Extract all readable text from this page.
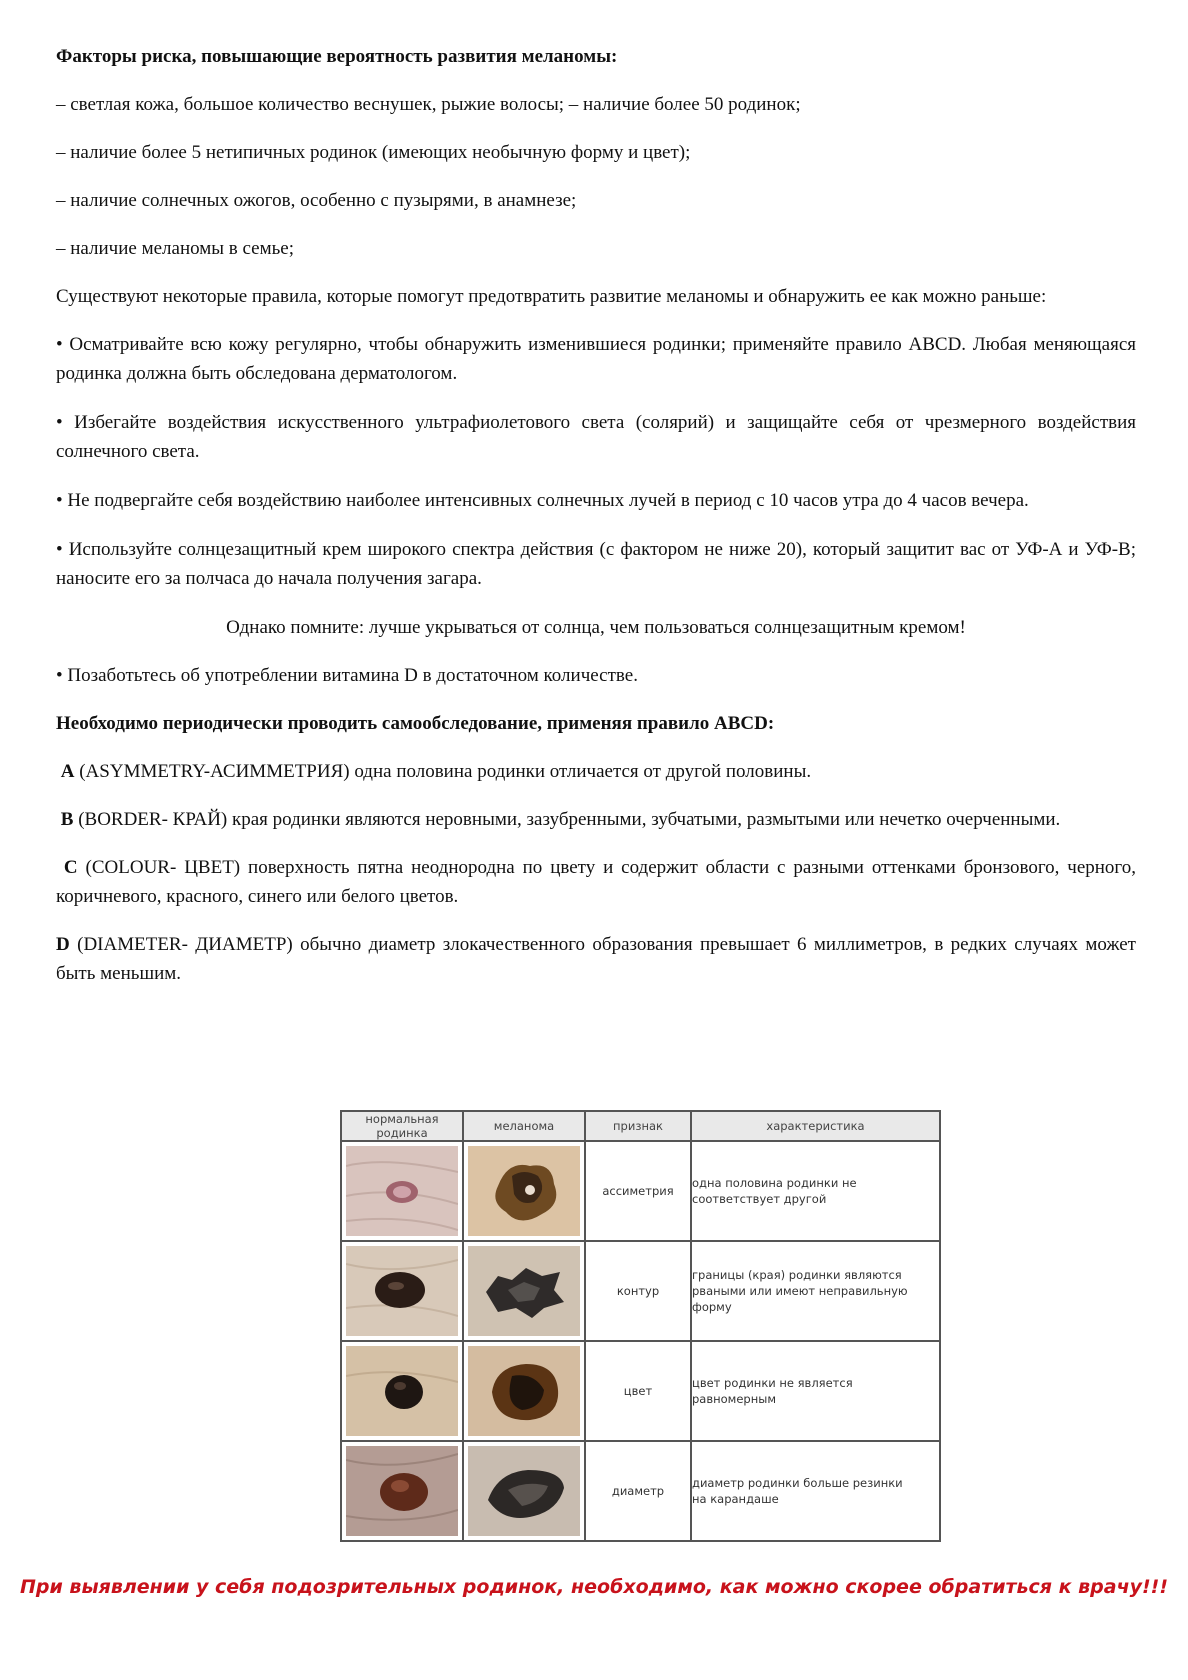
Факторы риска, повышающие вероятность развития меланомы:

– светлая кожа, большое количество веснушек, рыжие волосы; – наличие более 50 родинок;

– наличие более 5 нетипичных родинок (имеющих необычную форму и цвет);

– наличие солнечных ожогов, особенно с пузырями, в анамнезе;

– наличие меланомы в семье;

Существуют некоторые правила, которые помогут предотвратить развитие меланомы и обнаружить ее как можно раньше:

• Осматривайте всю кожу регулярно, чтобы обнаружить изменившиеся родинки; применяйте правило ABCD. Любая меняющаяся родинка должна быть обследована дерматологом.

• Избегайте воздействия искусственного ультрафиолетового света (солярий) и защищайте себя от чрезмерного воздействия солнечного света.

• Не подвергайте себя воздействию наиболее интенсивных солнечных лучей в период с 10 часов утра до 4 часов вечера.

• Используйте солнцезащитный крем широкого спектра действия (с фактором не ниже 20), который защитит вас от УФ-А и УФ-В; наносите его за полчаса до начала получения загара.

Однако помните: лучше укрываться от солнца, чем пользоваться солнцезащитным кремом!

• Позаботьтесь об употреблении витамина D в достаточном количестве.

Необходимо периодически проводить самообследование, применяя правило ABCD:

А (ASYMMETRY-АСИММЕТРИЯ) одна половина родинки отличается от другой половины.

B (BORDER- КРАЙ) края родинки являются неровными, зазубренными, зубчатыми, размытыми или нечетко очерченными.

C (COLOUR- ЦВЕТ) поверхность пятна неоднородна по цвету и содержит области с разными оттенками бронзового, черного, коричневого, красного, синего или белого цветов.

D (DIAMETER- ДИАМЕТР) обычно диаметр злокачественного образования превышает 6 миллиметров, в редких случаях может быть меньшим.

нормальная родинка	меланома	признак	характеристика

	ассиметрия	одна половина родинки не
соответствует другой

	контур	границы (края) родинки являются
рваными или имеют неправильную
форму

	цвет	цвет родинки не является
равномерным

	диаметр	диаметр родинки больше резинки
на карандаше
При выявлении у себя подозрительных родинок, необходимо, как можно скорее обратиться к врачу!!!
